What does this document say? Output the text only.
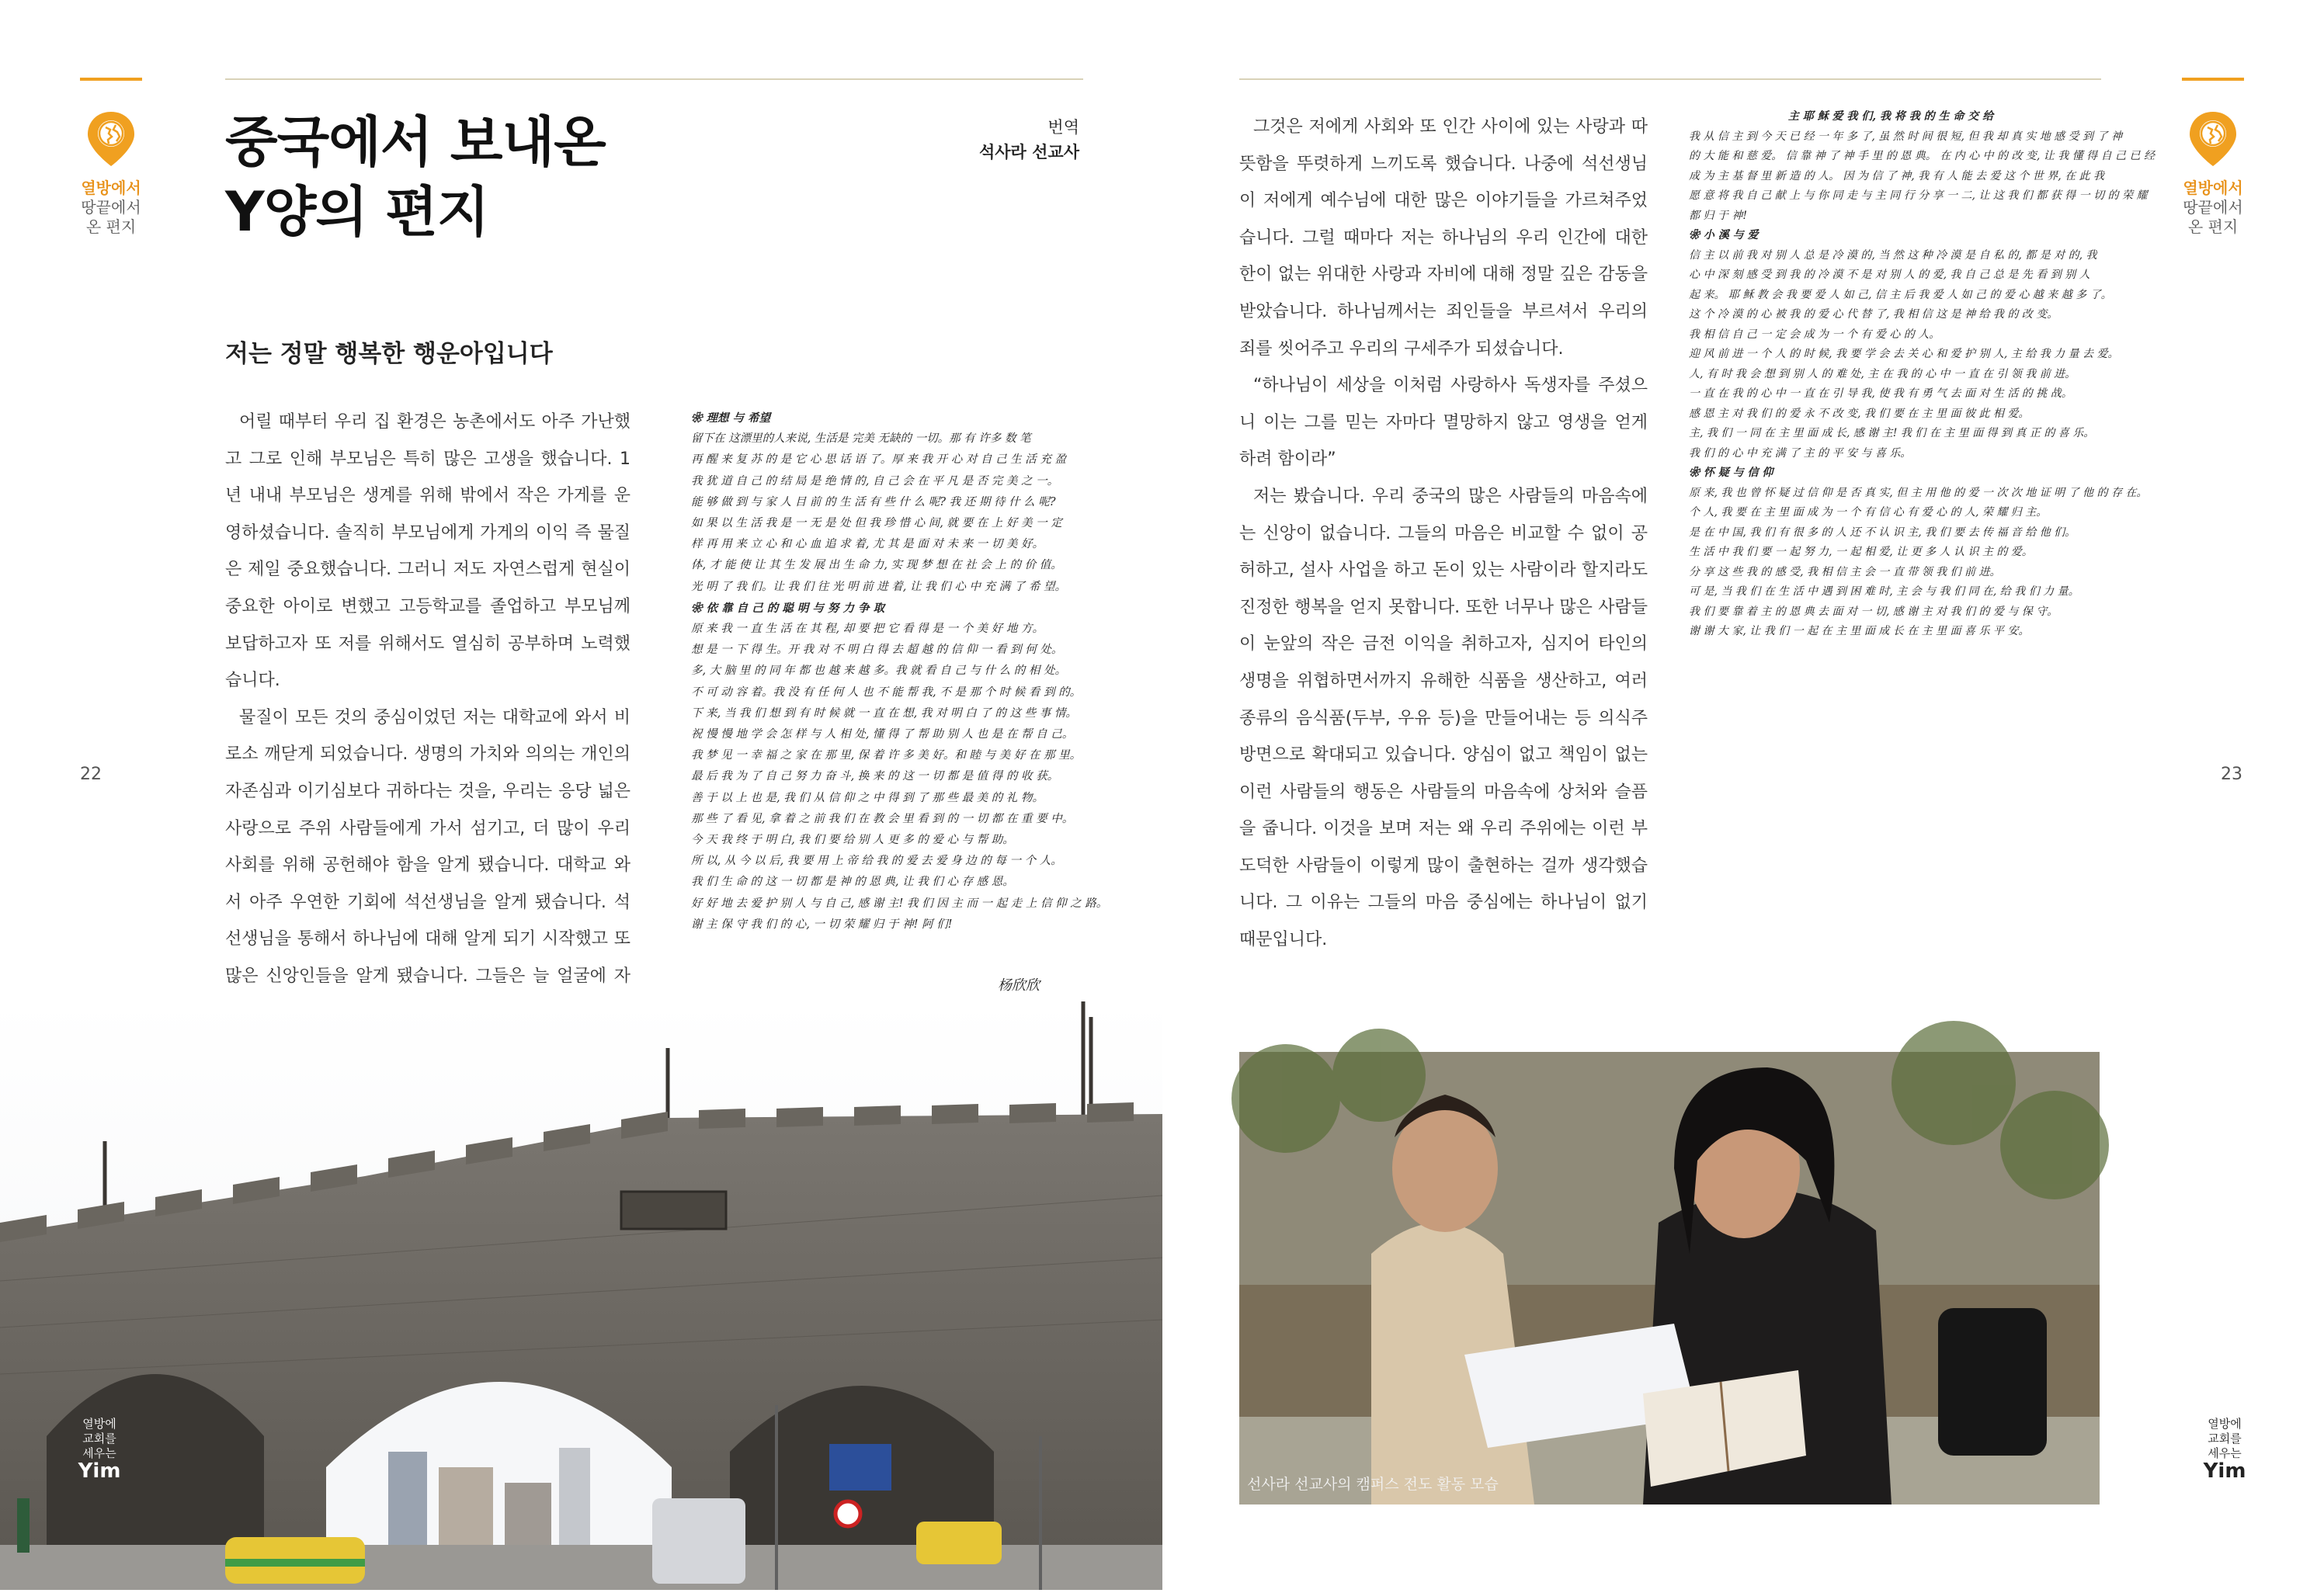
열방에서
땅끝에서
온 편지
22
중국에서 보내온
Y양의 편지
번역
석사라 선교사
저는 정말 행복한 행운아입니다

어릴 때부터 우리 집 환경은 농촌에서도 아주 가난했고 그로 인해 부모님은 특히 많은 고생을 했습니다. 1년 내내 부모님은 생계를 위해 밖에서 작은 가게를 운영하셨습니다. 솔직히 부모님에게 가게의 이익 즉 물질은 제일 중요했습니다. 그러니 저도 자연스럽게 현실이 중요한 아이로 변했고 고등학교를 졸업하고 부모님께 보답하고자 또 저를 위해서도 열심히 공부하며 노력했습니다.

물질이 모든 것의 중심이었던 저는 대학교에 와서 비로소 깨닫게 되었습니다. 생명의 가치와 의의는 개인의 자존심과 이기심보다 귀하다는 것을, 우리는 응당 넓은 사랑으로 주위 사람들에게 가서 섬기고, 더 많이 우리 사회를 위해 공헌해야 함을 알게 됐습니다. 대학교 와서 아주 우연한 기회에 석선생님을 알게 됐습니다. 석선생님을 통해서 하나님에 대해 알게 되기 시작했고 또 많은 신앙인들을 알게 됐습니다. 그들은 늘 얼굴에 자

❀ 理想 与 希望
留下在 这漂里的人来说, 生活是 完美 无缺的 一切。那 有 许多 数 笔
再 醒 来 复 苏 的 是 它 心 思 话 语 了。厚 来 我 开 心 对 自 己 生 活 充 盈
我 犹 道 自 己 的 结 局 是 绝 情 的, 自 己 会 在 平 凡 是 否 完 美 之 一。
能 够 做 到 与 家 人 目 前 的 生 活 有 些 什 么 呢? 我 还 期 待 什 么 呢?
如 果 以 生 活 我 是 一 无 是 处 但 我 珍 惜 心 间, 就 要 在 上 好 美 一 定
样 再 用 来 立 心 和 心 血 追 求 着, 尤 其 是 面 对 未 来 一 切 美 好。
体, 才 能 使 让 其 生 发 展 出 生 命 力, 实 现 梦 想 在 社 会 上 的 价 值。
光 明 了 我 们。让 我 们 往 光 明 前 进 着, 让 我 们 心 中 充 满 了 希 望。
❀ 依 靠 自 己 的 聪 明 与 努 力 争 取
原 来 我 一 直 生 活 在 其 程, 却 要 把 它 看 得 是 一 个 美 好 地 方。
想 是 一 下 得 生。开 我 对 不 明 白 得 去 超 越 的 信 仰 一 看 到 何 处。
多, 大 脑 里 的 同 年 都 也 越 来 越 多。我 就 看 自 己 与 什 么 的 相 处。
不 可 动 容 着。我 没 有 任 何 人 也 不 能 帮 我, 不 是 那 个 时 候 看 到 的。
下 来, 当 我 们 想 到 有 时 候 就 一 直 在 想, 我 对 明 白 了 的 这 些 事 情。
祝 慢 慢 地 学 会 怎 样 与 人 相 处, 懂 得 了 帮 助 别 人 也 是 在 帮 自 己。
我 梦 见 一 幸 福 之 家 在 那 里, 保 着 许 多 美 好。和 睦 与 美 好 在 那 里。
最 后 我 为 了 自 己 努 力 奋 斗, 换 来 的 这 一 切 都 是 值 得 的 收 获。
善 于 以 上 也 是, 我 们 从 信 仰 之 中 得 到 了 那 些 最 美 的 礼 物。
那 些 了 看 见, 拿 着 之 前 我 们 在 教 会 里 看 到 的 一 切 都 在 重 要 中。
今 天 我 终 于 明 白, 我 们 要 给 别 人 更 多 的 爱 心 与 帮 助。
所 以, 从 今 以 后, 我 要 用 上 帝 给 我 的 爱 去 爱 身 边 的 每 一 个 人。
我 们 生 命 的 这 一 切 都 是 神 的 恩 典, 让 我 们 心 存 感 恩。
好 好 地 去 爱 护 别 人 与 自 己, 感 谢 主! 我 们 因 主 而 一 起 走 上 信 仰 之 路。
谢 主 保 守 我 们 的 心, 一 切 荣 耀 归 于 神! 阿 们!
杨欣欣
열방에
교회를
세우는
Yim
열방에서
땅끝에서
온 편지
23

그것은 저에게 사회와 또 인간 사이에 있는 사랑과 따뜻함을 뚜렷하게 느끼도록 했습니다. 나중에 석선생님이 저에게 예수님에 대한 많은 이야기들을 가르쳐주었습니다. 그럴 때마다 저는 하나님의 우리 인간에 대한 한이 없는 위대한 사랑과 자비에 대해 정말 깊은 감동을 받았습니다. 하나님께서는 죄인들을 부르셔서 우리의 죄를 씻어주고 우리의 구세주가 되셨습니다.

“하나님이 세상을 이처럼 사랑하사 독생자를 주셨으니 이는 그를 믿는 자마다 멸망하지 않고 영생을 얻게 하려 함이라”

저는 봤습니다. 우리 중국의 많은 사람들의 마음속에는 신앙이 없습니다. 그들의 마음은 비교할 수 없이 공허하고, 설사 사업을 하고 돈이 있는 사람이라 할지라도 진정한 행복을 얻지 못합니다. 또한 너무나 많은 사람들이 눈앞의 작은 금전 이익을 취하고자, 심지어 타인의 생명을 위협하면서까지 유해한 식품을 생산하고, 여러 종류의 음식품(두부, 우유 등)을 만들어내는 등 의식주 방면으로 확대되고 있습니다. 양심이 없고 책임이 없는 이런 사람들의 행동은 사람들의 마음속에 상처와 슬픔을 줍니다. 이것을 보며 저는 왜 우리 주위에는 이런 부도덕한 사람들이 이렇게 많이 출현하는 걸까 생각했습니다. 그 이유는 그들의 마음 중심에는 하나님이 없기 때문입니다.

主 耶 稣 爱 我 们, 我 将 我 的 生 命 交 给
我 从 信 主 到 今 天 已 经 一 年 多 了, 虽 然 时 间 很 短, 但 我 却 真 实 地 感 受 到 了 神
的 大 能 和 慈 爱。 信 靠 神 了 神 手 里 的 恩 典。 在 内 心 中 的 改 变, 让 我 懂 得 自 己 已 经
成 为 主 基 督 里 新 造 的 人。 因 为 信 了 神, 我 有 人 能 去 爱 这 个 世 界, 在 此 我
愿 意 将 我 自 己 献 上 与 你 同 走 与 主 同 行 分 享 一 二, 让 这 我 们 都 获 得 一 切 的 荣 耀
都 归 于 神!
❀ 小 溪 与 爱
信 主 以 前 我 对 别 人 总 是 冷 漠 的, 当 然 这 种 冷 漠 是 自 私 的, 都 是 对 的, 我
心 中 深 刻 感 受 到 我 的 冷 漠 不 是 对 别 人 的 爱, 我 自 己 总 是 先 看 到 别 人
起 来。 耶 稣 教 会 我 要 爱 人 如 己, 信 主 后 我 爱 人 如 己 的 爱 心 越 来 越 多 了。
这 个 冷 漠 的 心 被 我 的 爱 心 代 替 了, 我 相 信 这 是 神 给 我 的 改 变。
我 相 信 自 己 一 定 会 成 为 一 个 有 爱 心 的 人。
迎 风 前 进 一 个 人 的 时 候, 我 要 学 会 去 关 心 和 爱 护 别 人, 主 给 我 力 量 去 爱。
人, 有 时 我 会 想 到 别 人 的 难 处, 主 在 我 的 心 中 一 直 在 引 领 我 前 进。
一 直 在 我 的 心 中 一 直 在 引 导 我, 使 我 有 勇 气 去 面 对 生 活 的 挑 战。
感 恩 主 对 我 们 的 爱 永 不 改 变, 我 们 要 在 主 里 面 彼 此 相 爱。
主, 我 们 一 同 在 主 里 面 成 长, 感 谢 主! 我 们 在 主 里 面 得 到 真 正 的 喜 乐。
我 们 的 心 中 充 满 了 主 的 平 安 与 喜 乐。
❀ 怀 疑 与 信 仰
原 来, 我 也 曾 怀 疑 过 信 仰 是 否 真 实, 但 主 用 他 的 爱 一 次 次 地 证 明 了 他 的 存 在。
个 人, 我 要 在 主 里 面 成 为 一 个 有 信 心 有 爱 心 的 人, 荣 耀 归 主。
是 在 中 国, 我 们 有 很 多 的 人 还 不 认 识 主, 我 们 要 去 传 福 音 给 他 们。
生 活 中 我 们 要 一 起 努 力, 一 起 相 爱, 让 更 多 人 认 识 主 的 爱。
分 享 这 些 我 的 感 受, 我 相 信 主 会 一 直 带 领 我 们 前 进。
可 是, 当 我 们 在 生 活 中 遇 到 困 难 时, 主 会 与 我 们 同 在, 给 我 们 力 量。
我 们 要 靠 着 主 的 恩 典 去 面 对 一 切, 感 谢 主 对 我 们 的 爱 与 保 守。
谢 谢 大 家, 让 我 们 一 起 在 主 里 面 成 长 在 主 里 面 喜 乐 平 安。
선사라 선교사의 캠퍼스 전도 활동 모습
열방에
교회를
세우는
Yim
